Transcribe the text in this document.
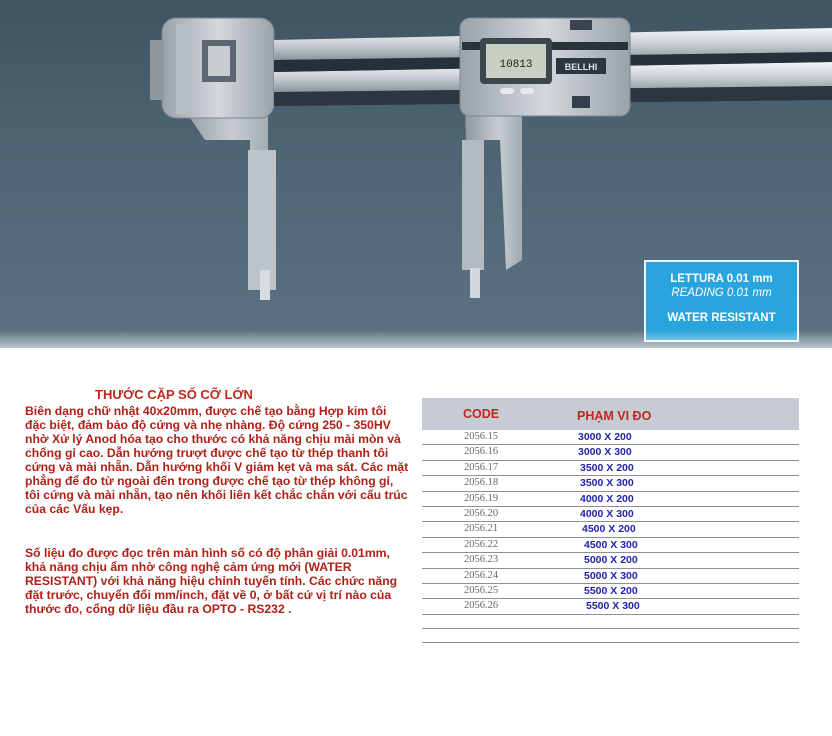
10813	BELLHI
LETTURA 0.01 mm
READING 0.01 mm
WATER RESISTANT
THƯỚC CẶP SỐ CỠ LỚN

Biên dạng chữ nhật 40x20mm, được chế tạo bằng Hợp kim tôi đặc biệt, đảm bảo độ cứng và nhẹ nhàng. Độ cứng 250 - 350HV nhờ Xử lý Anod hóa tạo cho thước có khả năng chịu mài mòn và chống gỉ cao. Dẫn hướng trượt được chế tạo từ thép thanh tôi cứng và mài nhẵn. Dẫn hướng khối V giảm kẹt và ma sát. Các mặt phẳng để đo từ ngoài đến trong được chế tạo từ thép không gỉ, tôi cứng và mài nhẵn, tạo nên khối liên kết chắc chắn với cấu trúc của các Vấu kẹp.

Số liệu đo được đọc trên màn hình số có độ phân giải 0.01mm, khả năng chịu ẩm nhờ công nghệ cảm ứng mới (WATER RESISTANT) với khả năng hiệu chỉnh tuyến tính. Các chức năng đặt trước, chuyển đổi mm/inch, đặt về 0, ở bất cứ vị trí nào của thước đo, cổng dữ liệu đầu ra OPTO - RS232 .

CODE	PHẠM VI ĐO
2056.15	3000 X 200
2056.16	3000 X 300
2056.17	3500 X 200
2056.18	3500 X 300
2056.19	4000 X 200
2056.20	4000 X 300
2056.21	4500 X 200
2056.22	4500 X 300
2056.23	5000 X 200
2056.24	5000 X 300
2056.25	5500 X 200
2056.26	5500 X 300
